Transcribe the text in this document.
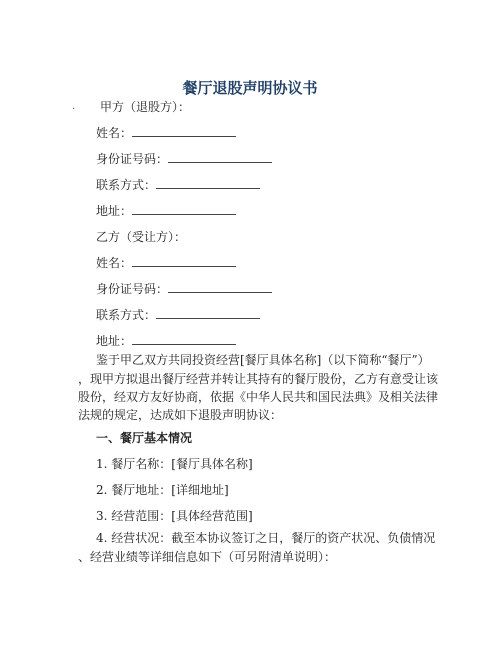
餐厅退股声明协议书
· 甲方（退股方）：
姓名：
身份证号码：
联系方式：
地址：
乙方（受让方）：
姓名：
身份证号码：
联系方式：
地址：
鉴于甲乙双方共同投资经营[餐厅具体名称]（以下简称“餐厅”）
，现甲方拟退出餐厅经营并转让其持有的餐厅股份，乙方有意受让该
股份，经双方友好协商，依据《中华人民共和国民法典》及相关法律
法规的规定，达成如下退股声明协议：
一、餐厅基本情况
1. 餐厅名称：[餐厅具体名称]
2. 餐厅地址：[详细地址]
3. 经营范围：[具体经营范围]
4. 经营状况：截至本协议签订之日，餐厅的资产状况、负债情况
、经营业绩等详细信息如下（可另附清单说明）：
